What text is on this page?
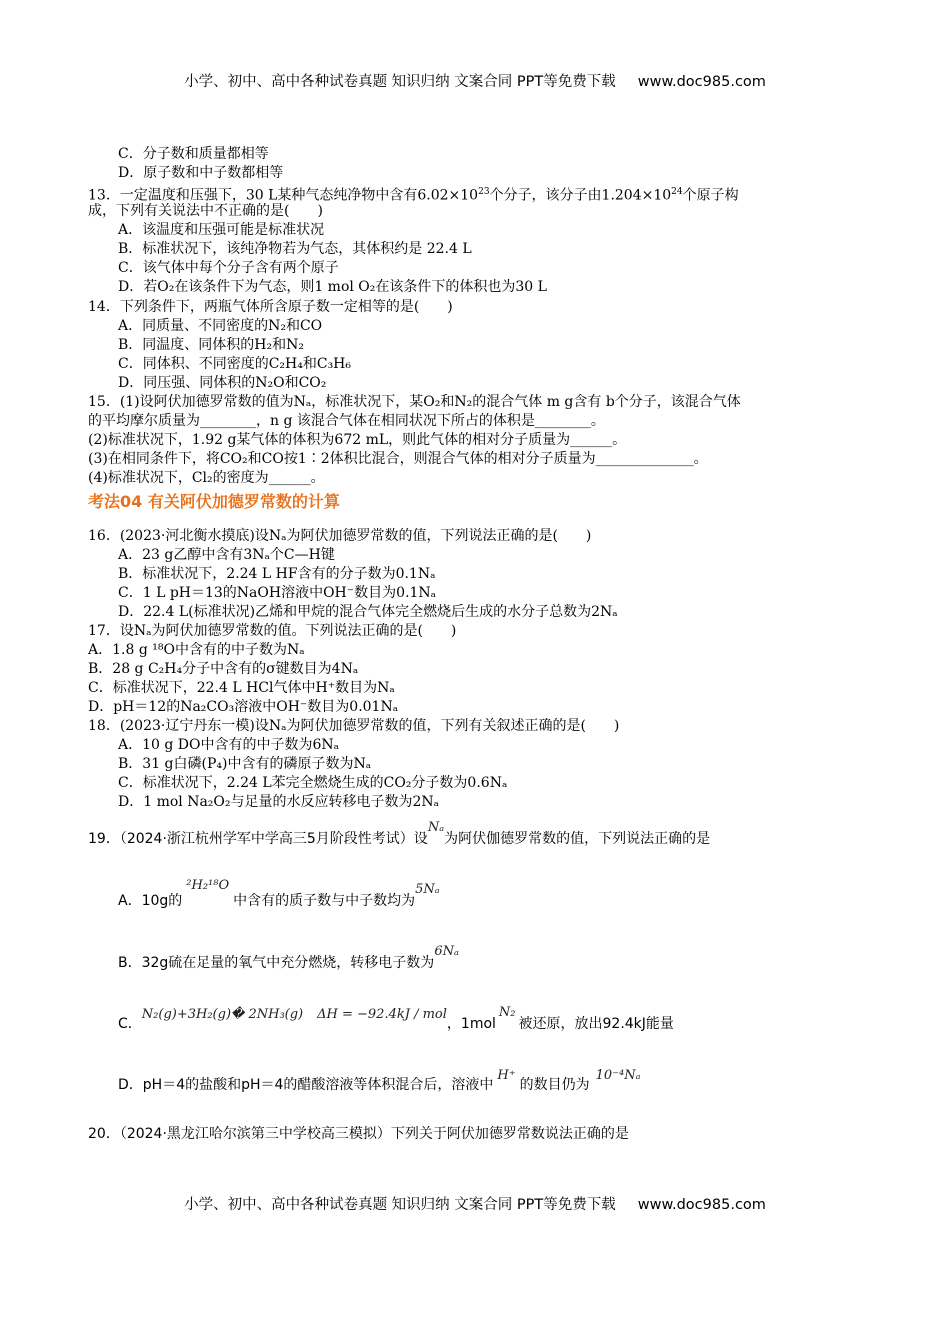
小学、初中、高中各种试卷真题 知识归纳 文案合同 PPT等免费下载 www.doc985.com
C．分子数和质量都相等
D．原子数和中子数都相等
13．一定温度和压强下，30 L某种气态纯净物中含有$6.02\times 10^{23}$个分子，该分子由$1.204\times 10^{24}$个原子构
成，下列有关说法中不正确的是(　　)
A．该温度和压强可能是标准状况
B．标准状况下，该纯净物若为气态，其体积约是 22.4 L
C．该气体中每个分子含有两个原子
D．若O₂在该条件下为气态，则1 mol O₂在该条件下的体积也为30 L
14．下列条件下，两瓶气体所含原子数一定相等的是(　　)
A．同质量、不同密度的N₂和CO
B．同温度、同体积的H₂和N₂
C．同体积、不同密度的C₂H₄和C₃H₆
D．同压强、同体积的N₂O和CO₂
15．(1)设阿伏加德罗常数的值为Nₐ，标准状况下，某O₂和N₂的混合气体 m g含有 b个分子，该混合气体
的平均摩尔质量为________，n g 该混合气体在相同状况下所占的体积是________。
(2)标准状况下，1.92 g某气体的体积为672 mL，则此气体的相对分子质量为______。
(3)在相同条件下，将CO₂和CO按1∶2体积比混合，则混合气体的相对分子质量为______________。
(4)标准状况下，Cl₂的密度为______。
考法04 有关阿伏加德罗常数的计算
16．(2023·河北衡水摸底)设Nₐ为阿伏加德罗常数的值，下列说法正确的是(　　)
A．23 g乙醇中含有3Nₐ个C—H键
B．标准状况下，2.24 L HF含有的分子数为0.1Nₐ
C．1 L pH＝13的NaOH溶液中OH⁻数目为0.1Nₐ
D．22.4 L(标准状况)乙烯和甲烷的混合气体完全燃烧后生成的水分子总数为2Nₐ
17．设Nₐ为阿伏加德罗常数的值。下列说法正确的是(　　)
A．1.8 g ¹⁸O中含有的中子数为Nₐ
B．28 g C₂H₄分子中含有的σ键数目为4Nₐ
C．标准状况下，22.4 L HCl气体中H⁺数目为Nₐ
D．pH＝12的Na₂CO₃溶液中OH⁻数目为0.01Nₐ
18．(2023·辽宁丹东一模)设Nₐ为阿伏加德罗常数的值，下列有关叙述正确的是(　　)
A．10 g DO中含有的中子数为6Nₐ
B．31 g白磷(P₄)中含有的磷原子数为Nₐ
C．标准状况下，2.24 L苯完全燃烧生成的CO₂分子数为0.6Nₐ
D．1 mol Na₂O₂与足量的水反应转移电子数为2Nₐ
19．（2024·浙江杭州学军中学高三5月阶段性考试）设Nₐ为阿伏伽德罗常数的值，下列说法正确的是
A．10g的²H₂¹⁸O中含有的质子数与中子数均为5Nₐ
B．32g硫在足量的氧气中充分燃烧，转移电子数为6Nₐ
C．N₂(g)+3H₂(g)� 2NH₃(g) ΔH = −92.4kJ / mol，1molN₂被还原，放出92.4kJ能量
D．pH＝4的盐酸和pH＝4的醋酸溶液等体积混合后，溶液中H⁺的数目仍为10⁻⁴Nₐ
20．（2024·黑龙江哈尔滨第三中学校高三模拟）下列关于阿伏加德罗常数说法正确的是
小学、初中、高中各种试卷真题 知识归纳 文案合同 PPT等免费下载 www.doc985.com
